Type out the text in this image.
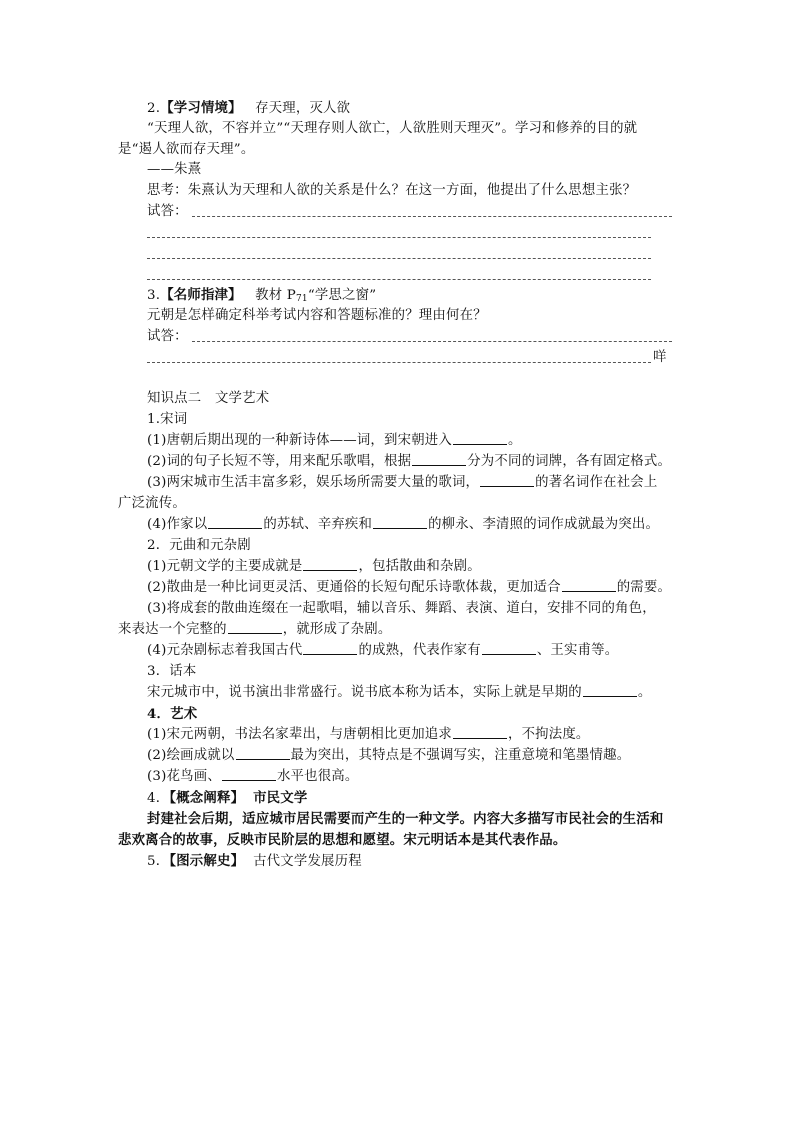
2.【学习情境】 存天理，灭人欲
“天理人欲，不容并立”“天理存则人欲亡，人欲胜则天理灭”。学习和修养的目的就
是“遏人欲而存天理”。
——朱熹
思考：朱熹认为天理和人欲的关系是什么？在这一方面，他提出了什么思想主张？
试答：
3.【名师指津】 教材 $P_{71}“$学思之窗”
元朝是怎样确定科举考试内容和答题标准的？理由何在？
试答：
咩
知识点二　文学艺术
1.宋词
(1)唐朝后期出现的一种新诗体——词，到宋朝进入	。
(2)词的句子长短不等，用来配乐歌唱，根据	分为不同的词牌，各有固定格式。
(3)两宋城市生活丰富多彩，娱乐场所需要大量的歌词，	的著名词作在社会上
广泛流传。
(4)作家以	的苏轼、辛弃疾和	的柳永、李清照的词作成就最为突出。
2．元曲和元杂剧
(1)元朝文学的主要成就是	，包括散曲和杂剧。
(2)散曲是一种比词更灵活、更通俗的长短句配乐诗歌体裁，更加适合	的需要。
(3)将成套的散曲连缀在一起歌唱，辅以音乐、舞蹈、表演、道白，安排不同的角色，
来表达一个完整的	，就形成了杂剧。
(4)元杂剧标志着我国古代	的成熟，代表作家有	、王实甫等。
3．话本
宋元城市中，说书演出非常盛行。说书底本称为话本，实际上就是早期的	。
4．艺术
(1)宋元两朝，书法名家辈出，与唐朝相比更加追求	，不拘法度。
(2)绘画成就以	最为突出，其特点是不强调写实，注重意境和笔墨情趣。
(3)花鸟画、	水平也很高。
4．【概念阐释】 市民文学
封建社会后期，适应城市居民需要而产生的一种文学。内容大多描写市民社会的生活和
悲欢离合的故事，反映市民阶层的思想和愿望。宋元明话本是其代表作品。
5．【图示解史】 古代文学发展历程
